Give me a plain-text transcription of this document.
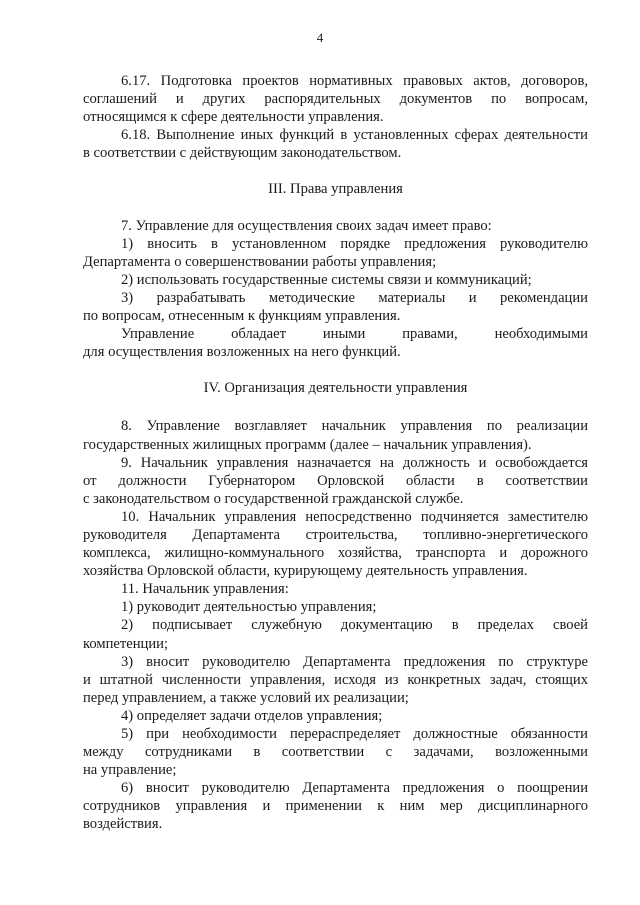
4

6.17. Подготовка проектов нормативных правовых актов, договоров,

соглашений и других распорядительных документов по вопросам,

относящимся к сфере деятельности управления.

6.18. Выполнение иных функций в установленных сферах деятельности

в соответствии с действующим законодательством.

III. Права управления

7. Управление для осуществления своих задач имеет право:

1) вносить в установленном порядке предложения руководителю

Департамента о совершенствовании работы управления;

2) использовать государственные системы связи и коммуникаций;

3) разрабатывать методические материалы и рекомендации

по вопросам, отнесенным к функциям управления.

Управление обладает иными правами, необходимыми

для осуществления возложенных на него функций.

IV. Организация деятельности управления

8. Управление возглавляет начальник управления по реализации

государственных жилищных программ (далее – начальник управления).

9. Начальник управления назначается на должность и освобождается

от должности Губернатором Орловской области в соответствии

с законодательством о государственной гражданской службе.

10. Начальник управления непосредственно подчиняется заместителю

руководителя Департамента строительства, топливно-энергетического

комплекса, жилищно-коммунального хозяйства, транспорта и дорожного

хозяйства Орловской области, курирующему деятельность управления.

11. Начальник управления:

1) руководит деятельностью управления;

2) подписывает служебную документацию в пределах своей

компетенции;

3) вносит руководителю Департамента предложения по структуре

и штатной численности управления, исходя из конкретных задач, стоящих

перед управлением, а также условий их реализации;

4) определяет задачи отделов управления;

5) при необходимости перераспределяет должностные обязанности

между сотрудниками в соответствии с задачами, возложенными

на управление;

6) вносит руководителю Департамента предложения о поощрении

сотрудников управления и применении к ним мер дисциплинарного

воздействия.
